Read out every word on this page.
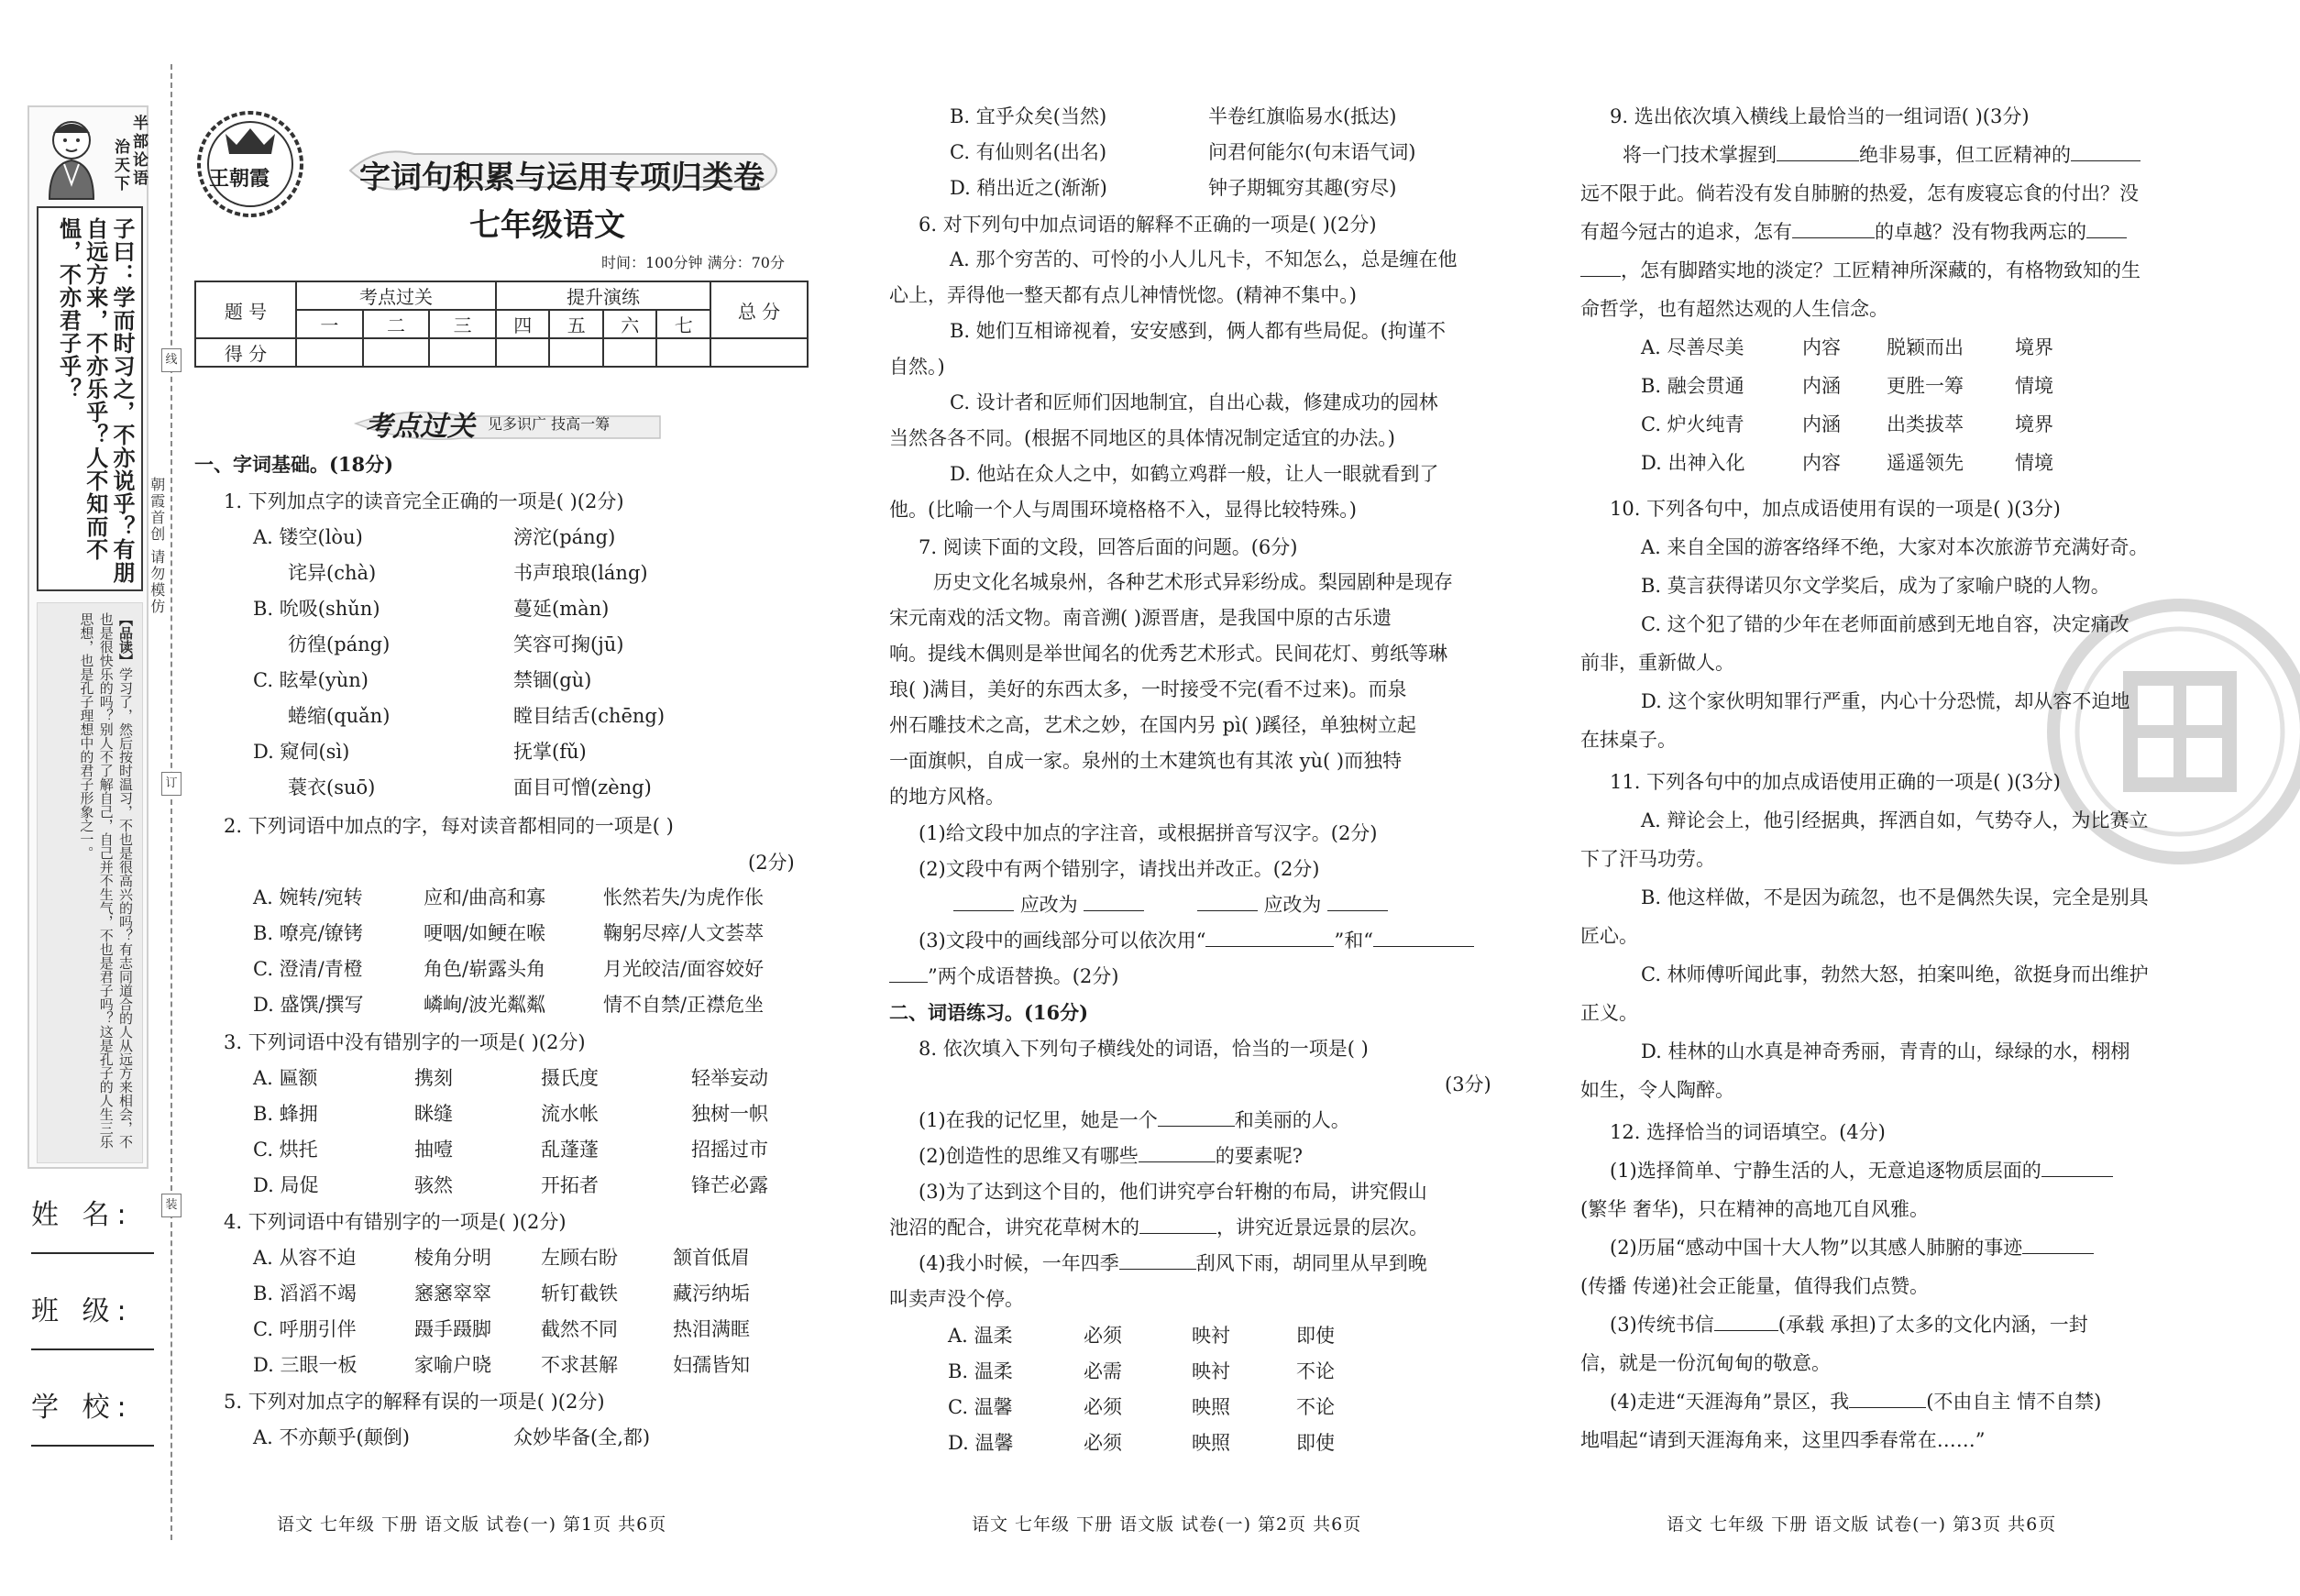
半部论语
治天下
子曰：学而时习之，不亦说乎？有朋自远方来，不亦乐乎？人不知而不愠，不亦君子乎？
【品读】学习了，然后按时温习，不也是很高兴的吗？有志同道合的人从远方来相会，不也是很快乐的吗？别人不了解自己，自己并不生气，不也是君子吗？这是孔子的人生三乐思想，也是孔子理想中的君子形象之一。
姓 名:
班 级:
学 校:
朝霞首创 请勿模仿
线
订
装
王朝霞	字词句积累与运用专项归类卷
七年级语文
时间：100分钟 满分：70分
题 号	考点过关			提升演练				总 分
	一	二	三	四	五	六	七	
得 分								
考点过关 见多识广 技高一筹
一、字词基础。(18分)
1. 下列加点字的读音完全正确的一项是( )(2分)
A. 镂空(lòu)	滂沱(páng)
诧异(chà)	书声琅琅(láng)
B. 吮吸(shǔn)	蔓延(màn)
彷徨(páng)	笑容可掬(jū)
C. 眩晕(yùn)	禁锢(gù)
蜷缩(quǎn)	瞠目结舌(chēng)
D. 窥伺(sì)	抚掌(fǔ)
蓑衣(suō)	面目可憎(zèng)
2. 下列词语中加点的字，每对读音都相同的一项是( )
(2分)
A. 婉转/宛转	应和/曲高和寡	怅然若失/为虎作伥
B. 嘹亮/镣铐	哽咽/如鲠在喉	鞠躬尽瘁/人文荟萃
C. 澄清/青橙	角色/崭露头角	月光皎洁/面容姣好
D. 盛馔/撰写	嶙峋/波光粼粼	情不自禁/正襟危坐
3. 下列词语中没有错别字的一项是( )(2分)
A. 匾额	携刻	摄氏度	轻举妄动
B. 蜂拥	眯缝	流水帐	独树一帜
C. 烘托	抽噎	乱蓬蓬	招摇过市
D. 局促	骇然	开拓者	锋芒必露
4. 下列词语中有错别字的一项是( )(2分)
A. 从容不迫	棱角分明	左顾右盼	颔首低眉
B. 滔滔不竭	窸窸窣窣	斩钉截铁	藏污纳垢
C. 呼朋引伴	蹑手蹑脚	截然不同	热泪满眶
D. 三眼一板	家喻户晓	不求甚解	妇孺皆知
5. 下列对加点字的解释有误的一项是( )(2分)
A. 不亦颠乎(颠倒)	众妙毕备(全,都)
B. 宜乎众矣(当然)	半卷红旗临易水(抵达)
C. 有仙则名(出名)	问君何能尔(句末语气词)
D. 稍出近之(渐渐)	钟子期辄穷其趣(穷尽)
6. 对下列句中加点词语的解释不正确的一项是( )(2分)
A. 那个穷苦的、可怜的小人儿凡卡，不知怎么，总是缠在他
心上，弄得他一整天都有点儿神情恍惚。(精神不集中。)
B. 她们互相谛视着，安安感到，俩人都有些局促。(拘谨不
自然。)
C. 设计者和匠师们因地制宜，自出心裁，修建成功的园林
当然各各不同。(根据不同地区的具体情况制定适宜的办法。)
D. 他站在众人之中，如鹤立鸡群一般，让人一眼就看到了
他。(比喻一个人与周围环境格格不入，显得比较特殊。)
7. 阅读下面的文段，回答后面的问题。(6分)
历史文化名城泉州，各种艺术形式异彩纷成。梨园剧种是现存
宋元南戏的活文物。南音溯( )源晋唐，是我国中原的古乐遗
响。提线木偶则是举世闻名的优秀艺术形式。民间花灯、剪纸等琳
琅( )满目，美好的东西太多，一时接受不完(看不过来)。而泉
州石雕技术之高，艺术之妙，在国内另 pì( )蹊径，单独树立起
一面旗帜，自成一家。泉州的土木建筑也有其浓 yù( )而独特
的地方风格。
(1)给文段中加点的字注音，或根据拼音写汉字。(2分)
(2)文段中有两个错别字，请找出并改正。(2分)
应改为	应改为
(3)文段中的画线部分可以依次用“	”和“
”两个成语替换。(2分)
二、词语练习。(16分)
8. 依次填入下列句子横线处的词语，恰当的一项是( )
(3分)
(1)在我的记忆里，她是一个	和美丽的人。
(2)创造性的思维又有哪些	的要素呢?
(3)为了达到这个目的，他们讲究亭台轩榭的布局，讲究假山
池沼的配合，讲究花草树木的	，讲究近景远景的层次。
(4)我小时候，一年四季	刮风下雨，胡同里从早到晚
叫卖声没个停。
A. 温柔	必须	映衬	即使
B. 温柔	必需	映衬	不论
C. 温馨	必须	映照	不论
D. 温馨	必须	映照	即使
9. 选出依次填入横线上最恰当的一组词语( )(3分)
将一门技术掌握到	绝非易事，但工匠精神的
远不限于此。倘若没有发自肺腑的热爱，怎有废寝忘食的付出？没
有超今冠古的追求，怎有	的卓越？没有物我两忘的
，怎有脚踏实地的淡定？工匠精神所深藏的，有格物致知的生
命哲学，也有超然达观的人生信念。
A. 尽善尽美	内容 脱颖而出	境界
B. 融会贯通	内涵 更胜一筹	情境
C. 炉火纯青	内涵 出类拔萃	境界
D. 出神入化	内容 遥遥领先	情境
10. 下列各句中，加点成语使用有误的一项是( )(3分)
A. 来自全国的游客络绎不绝，大家对本次旅游节充满好奇。
B. 莫言获得诺贝尔文学奖后，成为了家喻户晓的人物。
C. 这个犯了错的少年在老师面前感到无地自容，决定痛改
前非，重新做人。
D. 这个家伙明知罪行严重，内心十分恐慌，却从容不迫地
在抹桌子。
11. 下列各句中的加点成语使用正确的一项是( )(3分)
A. 辩论会上，他引经据典，挥洒自如，气势夺人，为比赛立
下了汗马功劳。
B. 他这样做，不是因为疏忽，也不是偶然失误，完全是别具
匠心。
C. 林师傅听闻此事，勃然大怒，拍案叫绝，欲挺身而出维护
正义。
D. 桂林的山水真是神奇秀丽，青青的山，绿绿的水，栩栩
如生，令人陶醉。
12. 选择恰当的词语填空。(4分)
(1)选择简单、宁静生活的人，无意追逐物质层面的
(繁华 奢华)，只在精神的高地兀自风雅。
(2)历届“感动中国十大人物”以其感人肺腑的事迹
(传播 传递)社会正能量，值得我们点赞。
(3)传统书信	(承载 承担)了太多的文化内涵，一封
信，就是一份沉甸甸的敬意。
(4)走进“天涯海角”景区，我	(不由自主 情不自禁)
地唱起“请到天涯海角来，这里四季春常在……”
语文 七年级 下册 语文版 试卷(一) 第1页 共6页	语文 七年级 下册 语文版 试卷(一) 第2页 共6页	语文 七年级 下册 语文版 试卷(一) 第3页 共6页
